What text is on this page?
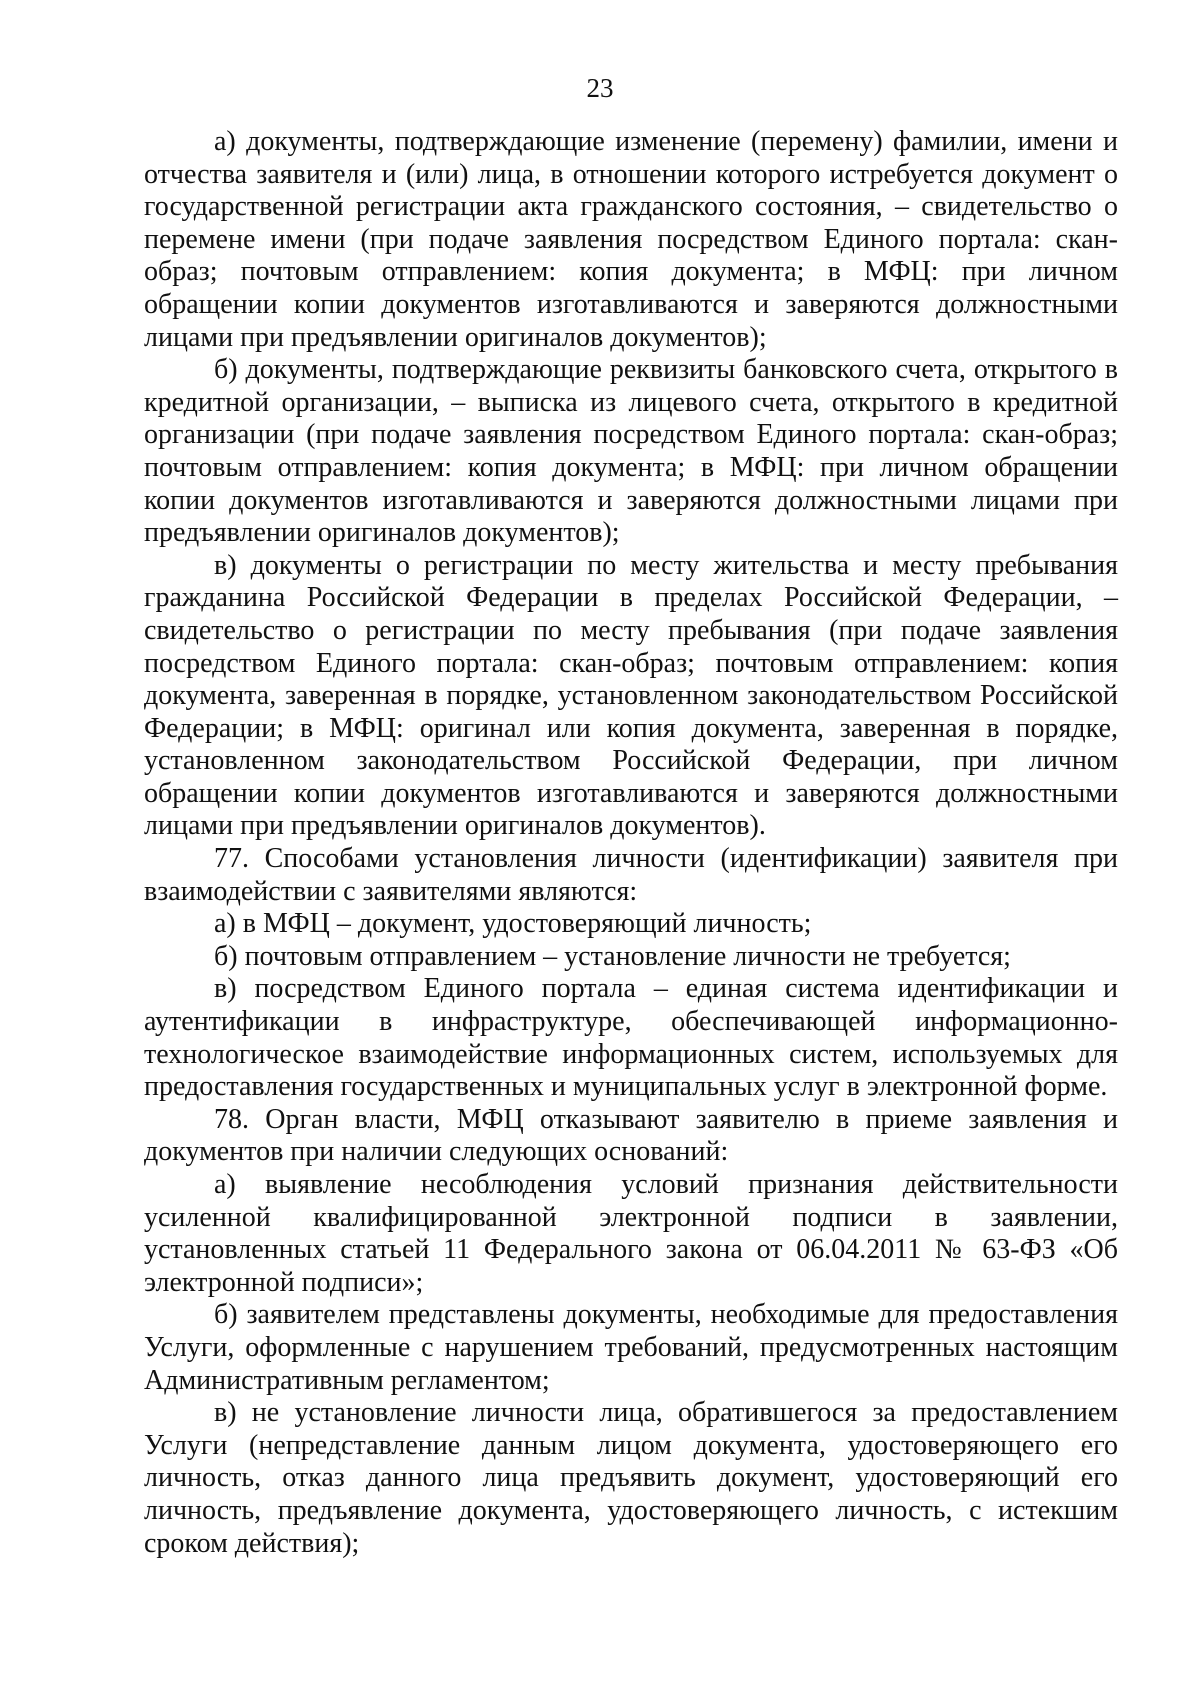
23

а) документы, подтверждающие изменение (перемену) фамилии, имени и отчества заявителя и (или) лица, в отношении которого истребуется документ о государственной регистрации акта гражданского состояния, – свидетельство о перемене имени (при подаче заявления посредством Единого портала: скан-образ; почтовым отправлением: копия документа; в МФЦ: при личном обращении копии документов изготавливаются и заверяются должностными лицами при предъявлении оригиналов документов);

б) документы, подтверждающие реквизиты банковского счета, открытого в кредитной организации, – выписка из лицевого счета, открытого в кредитной организации (при подаче заявления посредством Единого портала: скан-образ; почтовым отправлением: копия документа; в МФЦ: при личном обращении копии документов изготавливаются и заверяются должностными лицами при предъявлении оригиналов документов);

в) документы о регистрации по месту жительства и месту пребывания гражданина Российской Федерации в пределах Российской Федерации, – свидетельство о регистрации по месту пребывания (при подаче заявления посредством Единого портала: скан-образ; почтовым отправлением: копия документа, заверенная в порядке, установленном законодательством Российской Федерации; в МФЦ: оригинал или копия документа, заверенная в порядке, установленном законодательством Российской Федерации, при личном обращении копии документов изготавливаются и заверяются должностными лицами при предъявлении оригиналов документов).

77. Способами установления личности (идентификации) заявителя при взаимодействии с заявителями являются:

а) в МФЦ – документ, удостоверяющий личность;

б) почтовым отправлением – установление личности не требуется;

в) посредством Единого портала – единая система идентификации и аутентификации в инфраструктуре, обеспечивающей информационно-технологическое взаимодействие информационных систем, используемых для предоставления государственных и муниципальных услуг в электронной форме.

78. Орган власти, МФЦ отказывают заявителю в приеме заявления и документов при наличии следующих оснований:

а) выявление несоблюдения условий признания действительности усиленной квалифицированной электронной подписи в заявлении, установленных статьей 11 Федерального закона от 06.04.2011 № 63-ФЗ «Об электронной подписи»;

б) заявителем представлены документы, необходимые для предоставления Услуги, оформленные с нарушением требований, предусмотренных настоящим Административным регламентом;

в) не установление личности лица, обратившегося за предоставлением Услуги (непредставление данным лицом документа, удостоверяющего его личность, отказ данного лица предъявить документ, удостоверяющий его личность, предъявление документа, удостоверяющего личность, с истекшим сроком действия);
